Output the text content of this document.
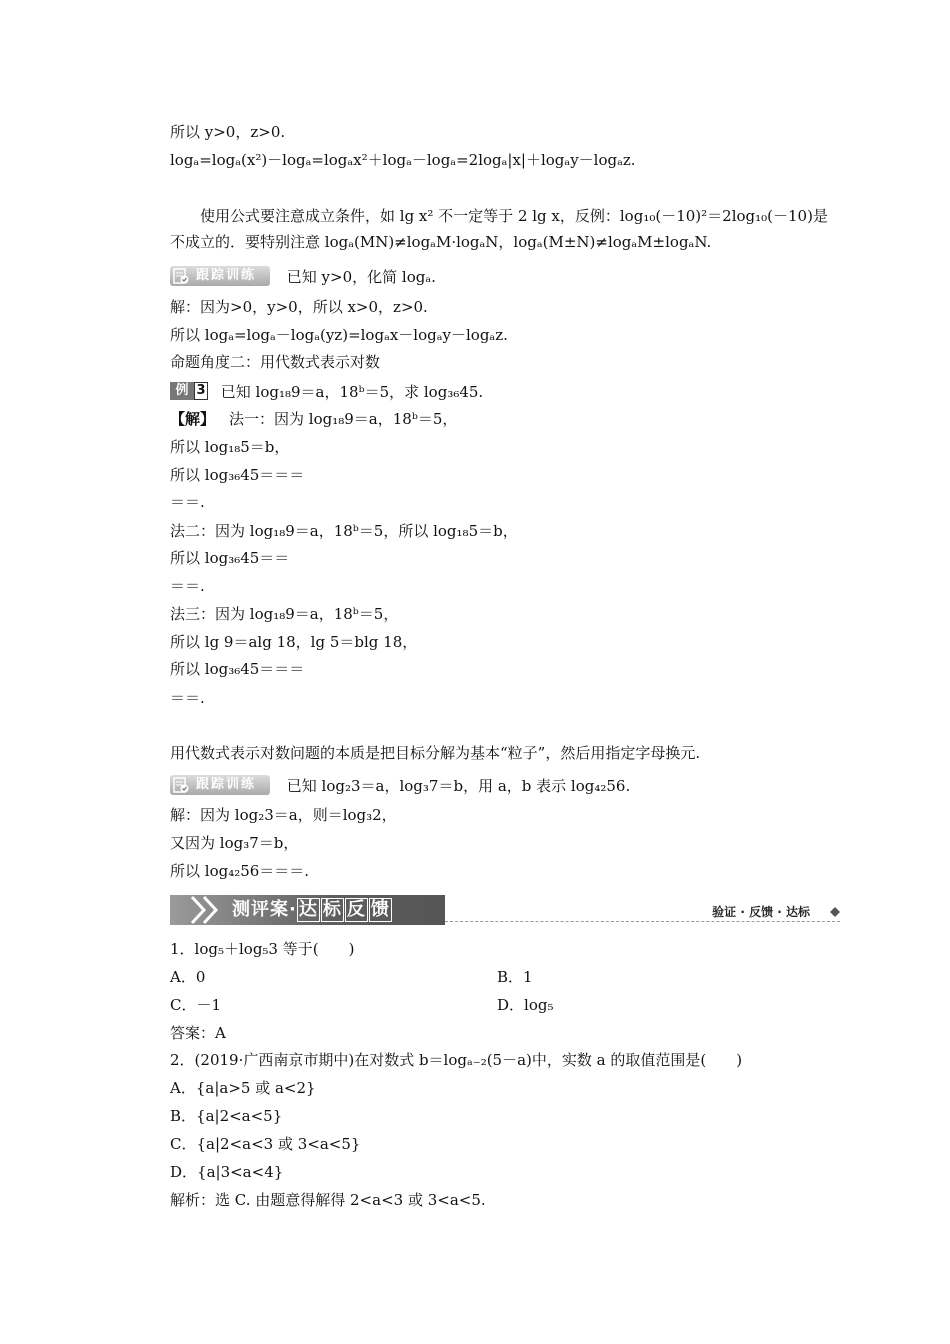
所以 y>0，z>0.
logₐ=logₐ(x²)－logₐ=logₐx²＋logₐ－logₐ=2logₐ|x|＋logₐy－logₐz.
使用公式要注意成立条件，如 lg x² 不一定等于 2 lg x，反例：log₁₀(－10)²＝2log₁₀(－10)是不成立的．要特别注意 logₐ(MN)≠logₐM·logₐN，logₐ(M±N)≠logₐM±logₐN.
跟踪训练 已知 y>0，化简 logₐ.
解：因为>0，y>0，所以 x>0，z>0.
所以 logₐ=logₐ－logₐ(yz)=logₐx－logₐy－logₐz.
命题角度二：用代数式表示对数
例 3 已知 log₁₈9＝a，18ᵇ＝5，求 log₃₆45.
【解】 法一：因为 log₁₈9＝a，18ᵇ＝5，
所以 log₁₈5＝b，
所以 log₃₆45＝＝＝
＝＝.
法二：因为 log₁₈9＝a，18ᵇ＝5，所以 log₁₈5＝b，
所以 log₃₆45＝＝
＝＝.
法三：因为 log₁₈9＝a，18ᵇ＝5，
所以 lg 9＝alg 18，lg 5＝blg 18，
所以 log₃₆45＝＝＝
＝＝.
用代数式表示对数问题的本质是把目标分解为基本“粒子”，然后用指定字母换元.
跟踪训练 已知 log₂3＝a，log₃7＝b，用 a，b 表示 log₄₂56.
解：因为 log₂3＝a，则＝log₃2，
又因为 log₃7＝b，
所以 log₄₂56＝＝＝.
测评案· 达 标 反 馈	验证 · 反馈 · 达标
1．log₅＋log₅3 等于(　　)
A．0	B．1
C．－1	D．log₅
答案：A
2．(2019·广西南京市期中)在对数式 b＝logₐ₋₂(5－a)中，实数 a 的取值范围是(　　)
A．{a|a>5 或 a<2}
B．{a|2<a<5}
C．{a|2<a<3 或 3<a<5}
D．{a|3<a<4}
解析：选 C. 由题意得解得 2<a<3 或 3<a<5.
